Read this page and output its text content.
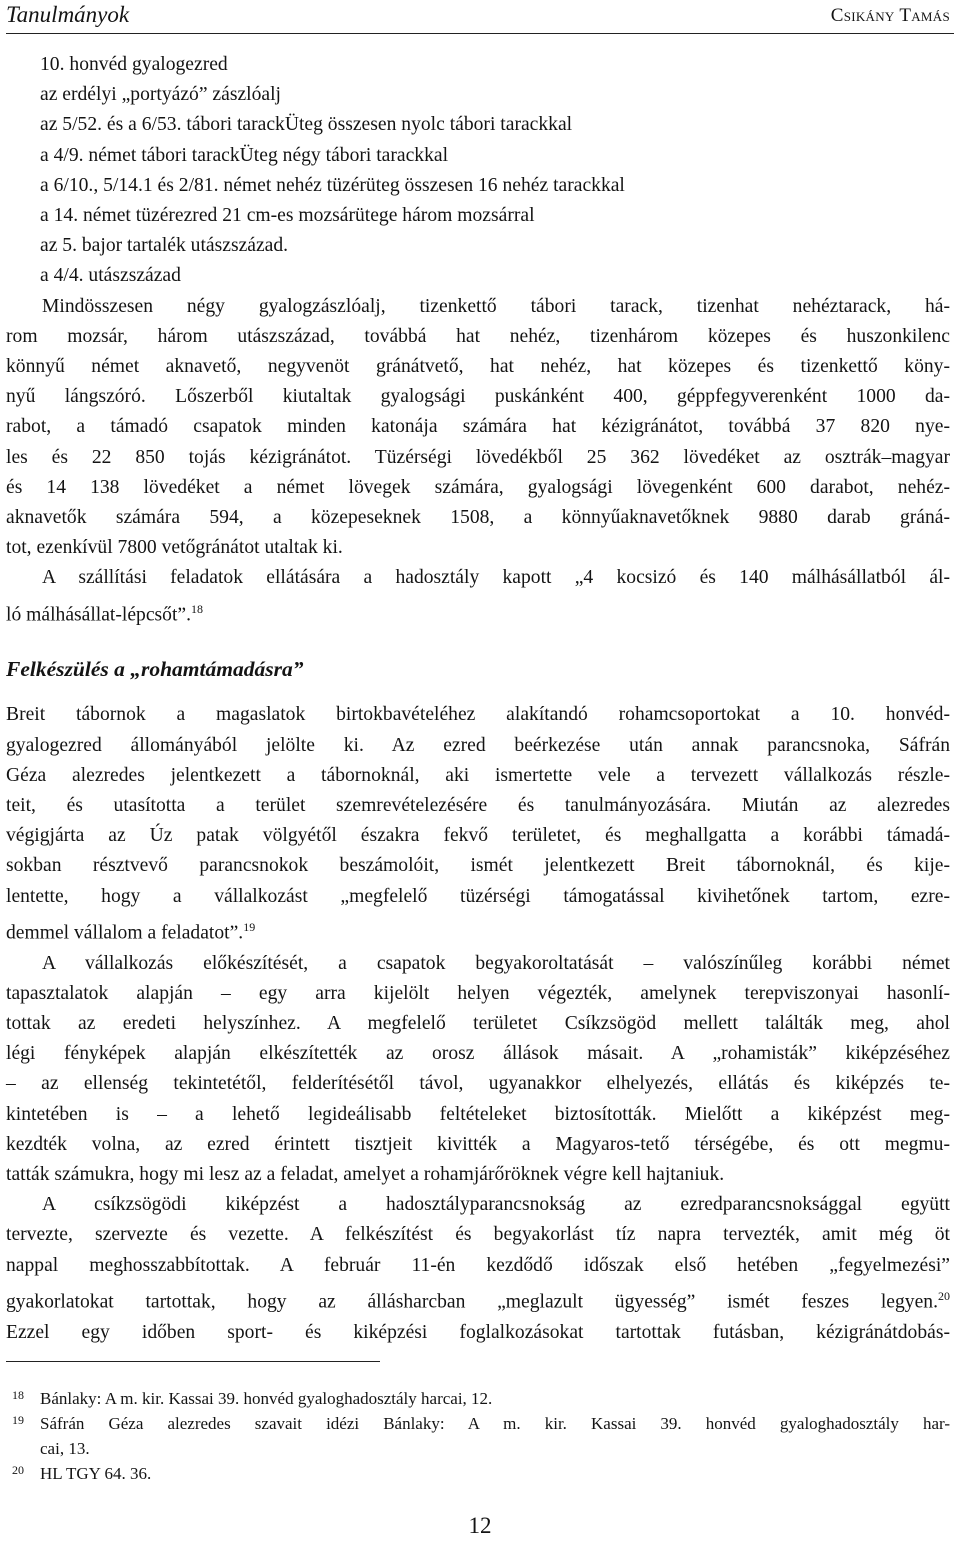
Tanulmányok	Csikány Tamás
10. honvéd gyalogezred
az erdélyi „portyázó” zászlóalj
az 5/52. és a 6/53. tábori tarackÜteg összesen nyolc tábori tarackkal
a 4/9. német tábori tarackÜteg négy tábori tarackkal
a 6/10., 5/14.1 és 2/81. német nehéz tüzérüteg összesen 16 nehéz tarackkal
a 14. német tüzérezred 21 cm-es mozsárütege három mozsárral
az 5. bajor tartalék utászszázad.
a 4/4. utászszázad
Mindösszesen négy gyalogzászlóalj, tizenkettő tábori tarack, tizenhat nehéztarack, há-
rom mozsár, három utászszázad, továbbá hat nehéz, tizenhárom közepes és huszonkilenc
könnyű német aknavető, negyvenöt gránátvető, hat nehéz, hat közepes és tizenkettő köny-
nyű lángszóró. Lőszerből kiutaltak gyalogsági puskánként 400, géppfegyverenként 1000 da-
rabot, a támadó csapatok minden katonája számára hat kézigránátot, továbbá 37 820 nye-
les és 22 850 tojás kézigránátot. Tüzérségi lövedékből 25 362 lövedéket az osztrák–magyar
és 14 138 lövedéket a német lövegek számára, gyalogsági lövegenként 600 darabot, nehéz-
aknavetők számára 594, a közepeseknek 1508, a könnyűaknavetőknek 9880 darab gráná-
tot, ezenkívül 7800 vetőgránátot utaltak ki.
A szállítási feladatok ellátására a hadosztály kapott „4 kocsizó és 140 málhásállatból ál-
ló málhásállat-lépcsőt”.$^{18}$
Felkészülés a „rohamtámadásra”
Breit tábornok a magaslatok birtokbavételéhez alakítandó rohamcsoportokat a 10. honvéd-
gyalogezred állományából jelölte ki. Az ezred beérkezése után annak parancsnoka, Sáfrán
Géza alezredes jelentkezett a tábornoknál, aki ismertette vele a tervezett vállalkozás részle-
teit, és utasította a terület szemrevételezésére és tanulmányozására. Miután az alezredes
végigjárta az Úz patak völgyétől északra fekvő területet, és meghallgatta a korábbi támadá-
sokban résztvevő parancsnokok beszámolóit, ismét jelentkezett Breit tábornoknál, és kije-
lentette, hogy a vállalkozást „megfelelő tüzérségi támogatással kivihetőnek tartom, ezre-
demmel vállalom a feladatot”.$^{19}$
A vállalkozás előkészítését, a csapatok begyakoroltatását – valószínűleg korábbi német
tapasztalatok alapján – egy arra kijelölt helyen végezték, amelynek terepviszonyai hasonlí-
tottak az eredeti helyszínhez. A megfelelő területet Csíkzsögöd mellett találták meg, ahol
légi fényképek alapján elkészítették az orosz állások másait. A „rohamisták” kiképzéséhez
– az ellenség tekintetétől, felderítésétől távol, ugyanakkor elhelyezés, ellátás és kiképzés te-
kintetében is – a lehető legideálisabb feltételeket biztosították. Mielőtt a kiképzést meg-
kezdték volna, az ezred érintett tisztjeit kivitték a Magyaros-tető térségébe, és ott megmu-
tatták számukra, hogy mi lesz az a feladat, amelyet a rohamjárőröknek végre kell hajtaniuk.
A csíkzsögödi kiképzést a hadosztályparancsnokság az ezredparancsnoksággal együtt
tervezte, szervezte és vezette. A felkészítést és begyakorlást tíz napra tervezték, amit még öt
nappal meghosszabbítottak. A február 11-én kezdődő időszak első hetében „fegyelmezési”
gyakorlatokat tartottak, hogy az állásharcban „meglazult ügyesség” ismét feszes legyen.$^{20}$
Ezzel egy időben sport- és kiképzési foglalkozásokat tartottak futásban, kézigránátdobás-
18 Bánlaky: A m. kir. Kassai 39. honvéd gyaloghadosztály harcai, 12.
19 Sáfrán Géza alezredes szavait idézi Bánlaky: A m. kir. Kassai 39. honvéd gyaloghadosztály har-
cai, 13.
20 HL TGY 64. 36.
12
